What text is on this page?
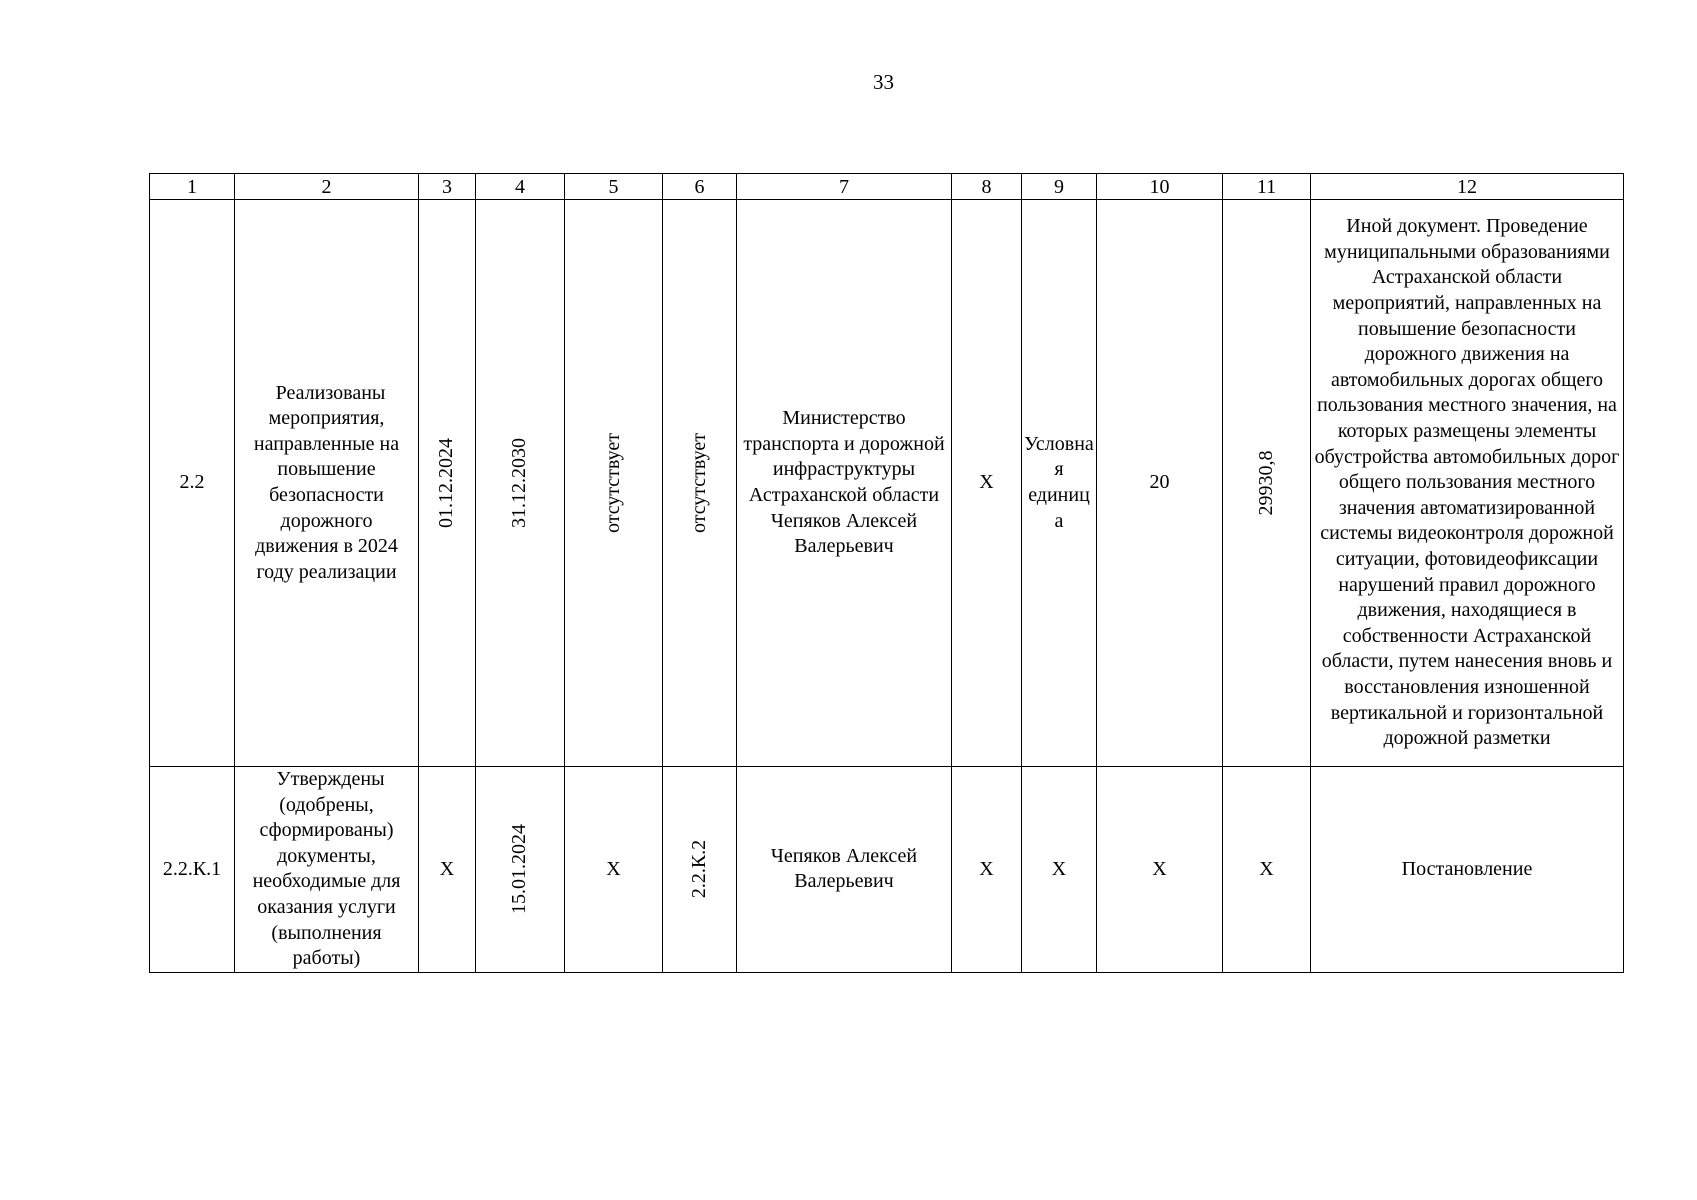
33
1	2	3	4	5	6	7	8	9	10	11	12
2.2	Реализованы мероприятия, направленные на повышение безопасности дорожного движения в 2024 году реализации	01.12.2024	31.12.2030	отсутствует	отсутствует	Министерство транспорта и дорожной инфраструктуры Астраханской области Чепяков Алексей Валерьевич	X	Условная единица	20	29930,8	Иной документ. Проведение муниципальными образованиями Астраханской области мероприятий, направленных на повышение безопасности дорожного движения на автомобильных дорогах общего пользования местного значения, на которых размещены элементы обустройства автомобильных дорог общего пользования местного значения автоматизированной системы видеоконтроля дорожной ситуации, фотовидеофиксации нарушений правил дорожного движения, находящиеся в собственности Астраханской области, путем нанесения вновь и восстановления изношенной вертикальной и горизонтальной дорожной разметки
2.2.К.1	Утверждены (одобрены, сформированы) документы, необходимые для оказания услуги (выполнения работы)	X	15.01.2024	X	2.2.К.2	Чепяков Алексей Валерьевич	X	X	X	X	Постановление
